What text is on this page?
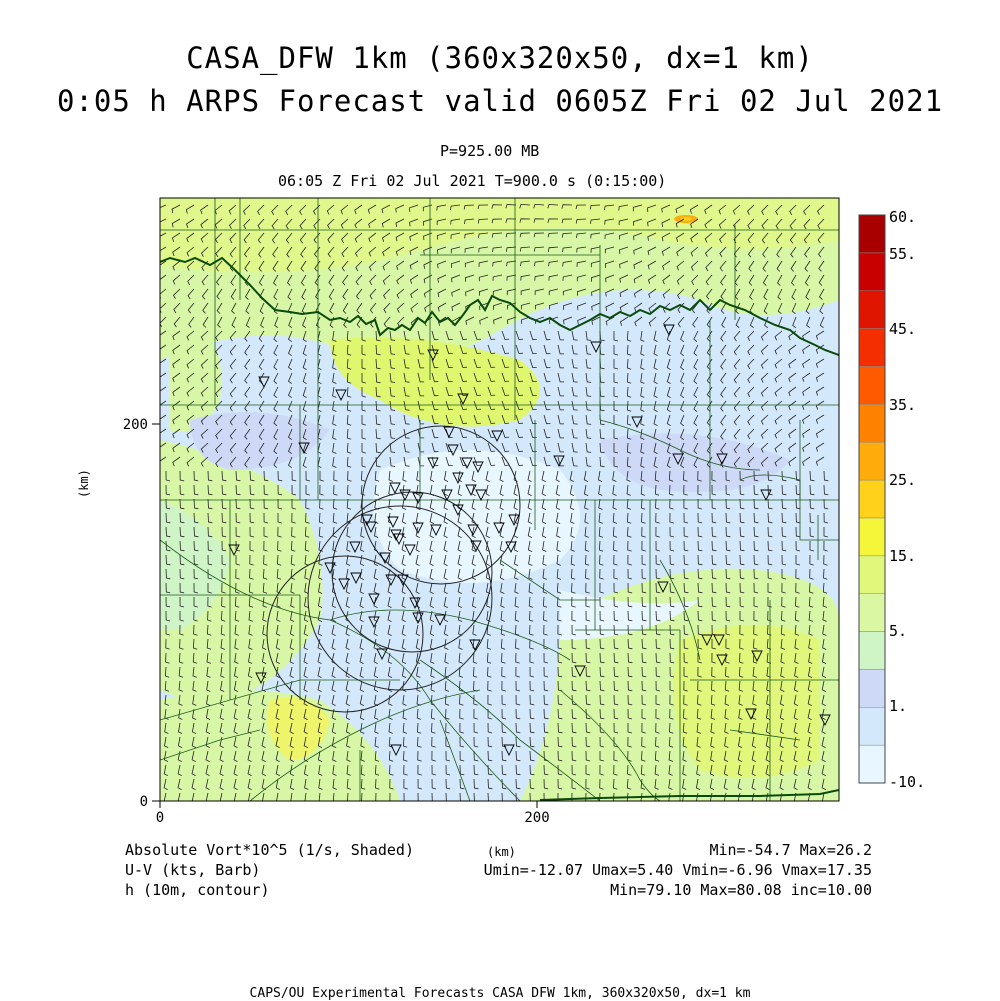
CASA_DFW 1km (360x320x50, dx=1 km)
0:05 h ARPS Forecast valid 0605Z Fri 02 Jul 2021
P=925.00 MB
06:05 Z Fri 02 Jul 2021 T=900.0 s (0:15:00)
0
200
0	200
60.
55.
45.
35.
25.
15.
5.
1.
-10.
(km)
(km)
Absolute Vort*10^5 (1/s, Shaded)
U-V (kts, Barb)
h (10m, contour)
Min=-54.7 Max=26.2
Umin=-12.07 Umax=5.40 Vmin=-6.96 Vmax=17.35
Min=79.10 Max=80.08 inc=10.00
CAPS/OU Experimental Forecasts CASA DFW 1km, 360x320x50, dx=1 km
